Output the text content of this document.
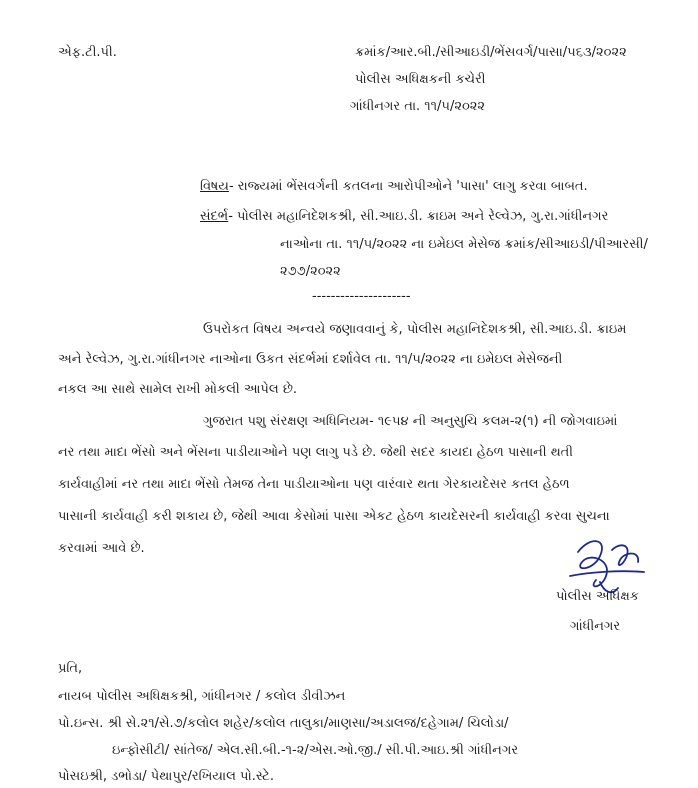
એફ.ટી.પી.	ક્રમાંક/આર.બી./સીઆઇડી/ભેંસવર્ગ/પાસા/૫૬૩/૨૦૨૨
પોલીસ અધિક્ષકની કચેરી
ગાંધીનગર તા. ૧૧/૫/૨૦૨૨
વિષય- રાજ્યમાં ભેંસવર્ગની કતલના આરોપીઓને 'પાસા' લાગુ કરવા બાબત.
સંદર્ભ- પોલીસ મહાનિદેશકશ્રી, સી.આઇ.ડી. ક્રાઇમ અને રેલ્વેઝ, ગુ.રા.ગાંધીનગર
નાઓના તા. ૧૧/૫/૨૦૨૨ ના ઇમેઇલ મેસેજ ક્રમાંક/સીઆઇડી/પીઆરસી/
૨૭૭/૨૦૨૨
---------------------
ઉપરોકત વિષય અન્વયે જણાવવાનું કે, પોલીસ મહાનિદેશકશ્રી, સી.આઇ.ડી. ક્રાઇમ
અને રેલ્વેઝ, ગુ.રા.ગાંધીનગર નાઓના ઉકત સંદર્ભમાં દર્શાવેલ તા. ૧૧/૫/૨૦૨૨ ના ઇમેઇલ મેસેજની
નકલ આ સાથે સામેલ રાખી મોકલી આપેલ છે.
ગુજરાત પશુ સંરક્ષણ અધિનિયમ- ૧૯૫૪ ની અનુસુચિ કલમ-૨(૧) ની જોગવાઇમાં
નર તથા માદા ભેંસો અને ભેંસના પાડીયાઓને પણ લાગુ પડે છે. જેથી સદર કાયદા હેઠળ પાસાની થતી
કાર્યવાહીમાં નર તથા માદા ભેંસો તેમજ તેના પાડીયાઓના પણ વારંવાર થતા ગેરકાયદેસર કતલ હેઠળ
પાસાની કાર્યવાહી કરી શકાય છે, જેથી આવા કેસોમાં પાસા એકટ હેઠળ કાયદેસરની કાર્યવાહી કરવા સુચના
કરવામાં આવે છે.
પોલીસ અધિક્ષક
ગાંધીનગર
પ્રતિ,
નાયબ પોલીસ અધિક્ષકશ્રી, ગાંધીનગર / કલોલ ડીવીઝન
પો.ઇન્સ. શ્રી સે.૨૧/સે.૭/કલોલ શહેર/કલોલ તાલુકા/માણસા/અડાલજ/દહેગામ/ ચિલોડા/
ઇન્ફોસીટી/ સાંતેજ/ એલ.સી.બી.-૧-૨/એસ.ઓ.જી./ સી.પી.આઇ.શ્રી ગાંધીનગર
પોસઇશ્રી, ડભોડા/ પેથાપુર/રખિયાલ પો.સ્ટે.
